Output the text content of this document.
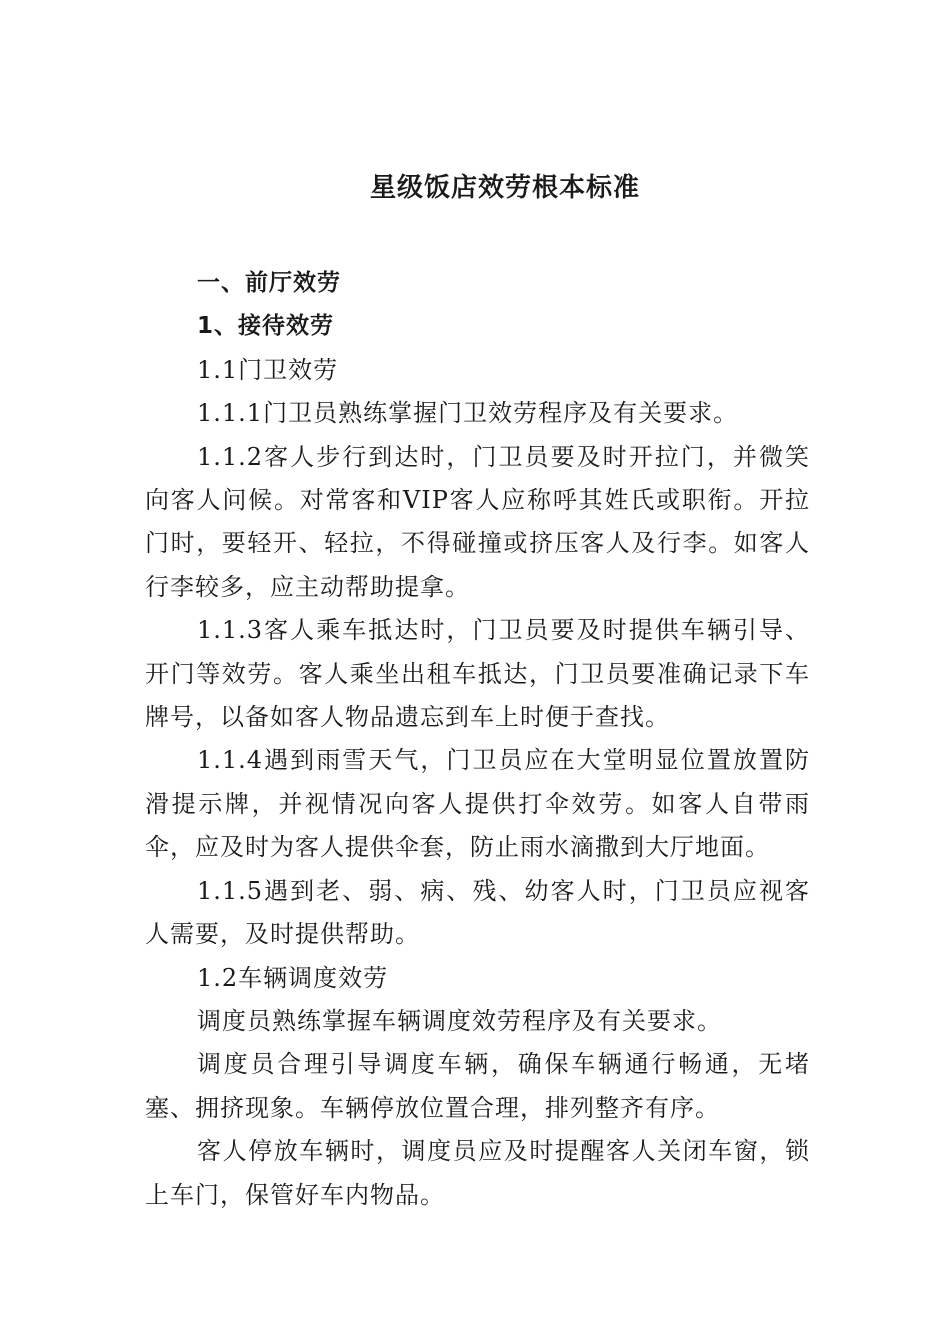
星级饭店效劳根本标准

一、前厅效劳

1、接待效劳

1.1门卫效劳

1.1.1门卫员熟练掌握门卫效劳程序及有关要求。

1.1.2客人步行到达时，门卫员要及时开拉门，并微笑向客人问候。对常客和VIP客人应称呼其姓氏或职衔。开拉门时，要轻开、轻拉，不得碰撞或挤压客人及行李。如客人行李较多，应主动帮助提拿。

1.1.3客人乘车抵达时，门卫员要及时提供车辆引导、开门等效劳。客人乘坐出租车抵达，门卫员要准确记录下车牌号，以备如客人物品遗忘到车上时便于查找。

1.1.4遇到雨雪天气，门卫员应在大堂明显位置放置防滑提示牌，并视情况向客人提供打伞效劳。如客人自带雨伞，应及时为客人提供伞套，防止雨水滴撒到大厅地面。

1.1.5遇到老、弱、病、残、幼客人时，门卫员应视客人需要，及时提供帮助。

1.2车辆调度效劳

调度员熟练掌握车辆调度效劳程序及有关要求。

调度员合理引导调度车辆，确保车辆通行畅通，无堵塞、拥挤现象。车辆停放位置合理，排列整齐有序。

客人停放车辆时，调度员应及时提醒客人关闭车窗，锁上车门，保管好车内物品。
